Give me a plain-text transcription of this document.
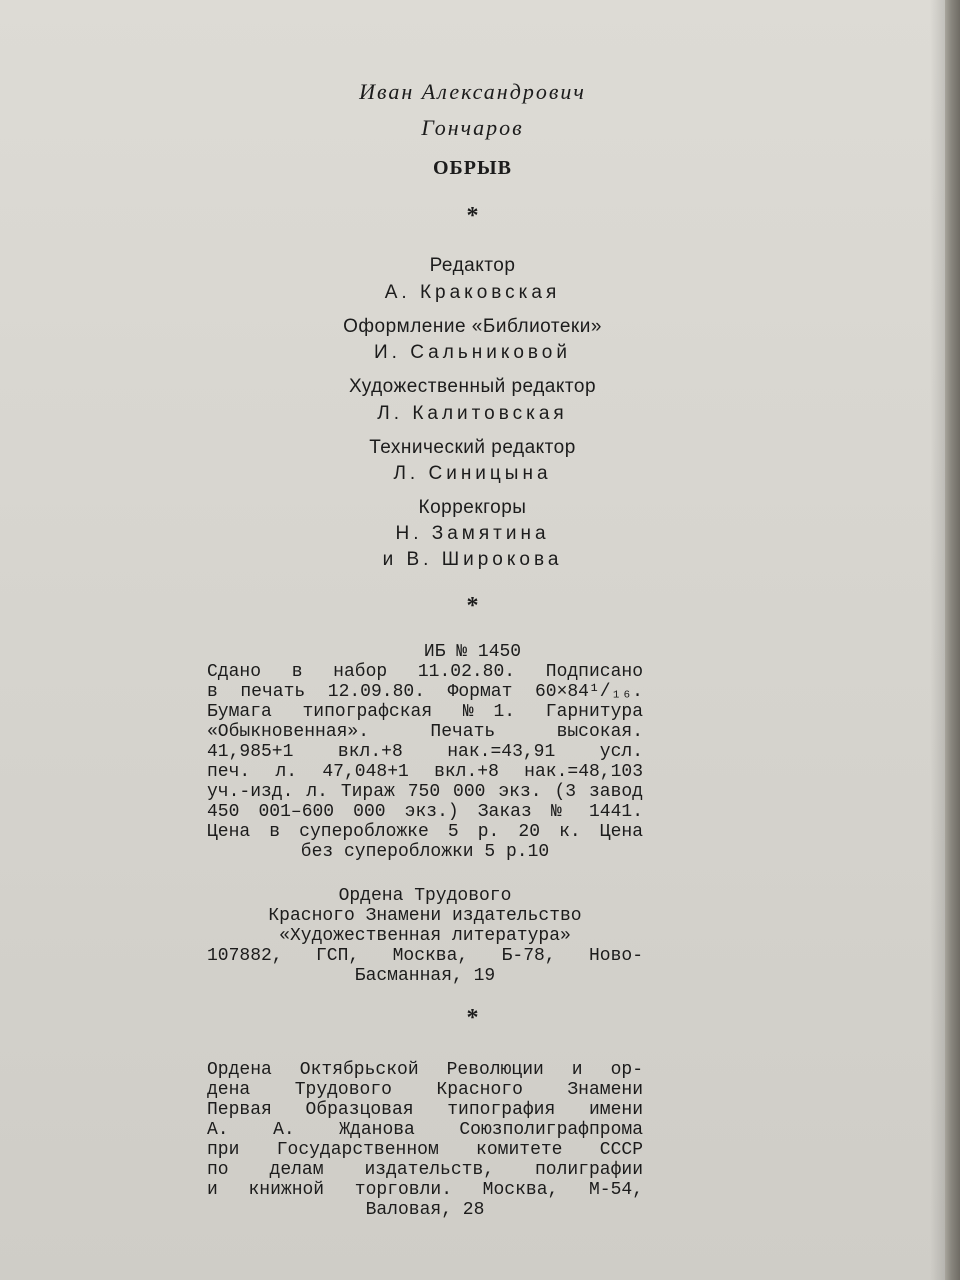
Иван Александрович
Гончаров
ОБРЫВ
*
Редактор
А. Краковская
Оформление «Библиотеки»
И. Сальниковой
Художественный редактор
Л. Калитовская
Технический редактор
Л. Синицына
Коррекгоры
Н. Замятина
и В. Широкова
*
ИБ № 1450
Сдано в набор 11.02.80. Подписано
в печать 12.09.80. Формат 60×84¹/₁₆.
Бумага типографская №1. Гарнитура
«Обыкновенная». Печать высокая.
41,985+1 вкл.+8 нак.=43,91 усл.
печ. л. 47,048+1 вкл.+8 нак.=48,103
уч.-изд. л. Тираж 750 000 экз. (3 завод
450 001–600 000 экз.) Заказ № 1441.
Цена в суперобложке 5 р. 20 к. Цена
без суперобложки 5 р.10
Ордена Трудового
Красного Знамени издательство
«Художественная литература»
107882, ГСП, Москва, Б-78, Ново-
Басманная, 19
*
Ордена Октябрьской Революции и ор-
дена Трудового Красного Знамени
Первая Образцовая типография имени
А. А. Жданова Союзполиграфпрома
при Государственном комитете СССР
по делам издательств, полиграфии
и книжной торговли. Москва, М-54,
Валовая, 28
